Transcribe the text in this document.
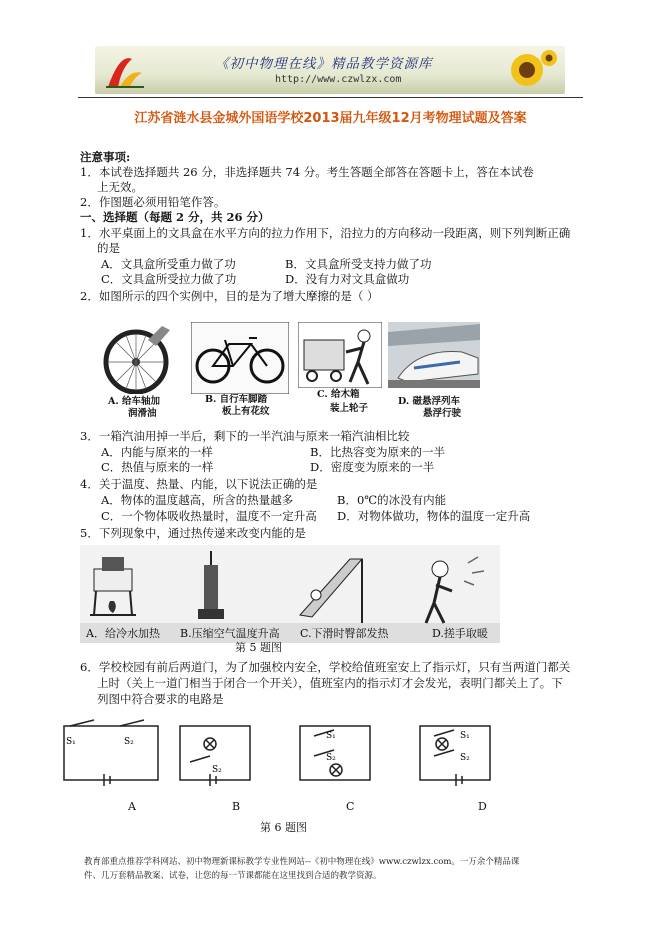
《初中物理在线》精品教学资源库
http://www.czwlzx.com
江苏省涟水县金城外国语学校2013届九年级12月考物理试题及答案
注意事项:
1．本试卷选择题共 26 分，非选择题共 74 分。考生答题全部答在答题卡上，答在本试卷
上无效。
2．作图题必须用铅笔作答。
一、选择题（每题 2 分，共 26 分）
1．水平桌面上的文具盒在水平方向的拉力作用下，沿拉力的方向移动一段距离，则下列判断正确
的是
A．文具盒所受重力做了功	B．文具盒所受支持力做了功
C．文具盒所受拉力做了功	D．没有力对文具盒做功
2．如图所示的四个实例中，目的是为了增大摩擦的是（ ）
A. 给车轴加
润滑油
B. 自行车脚踏
板上有花纹
C. 给木箱
装上轮子
D. 磁悬浮列车
悬浮行驶
3．一箱汽油用掉一半后，剩下的一半汽油与原来一箱汽油相比较
A．内能与原来的一样	B．比热容变为原来的一半
C．热值与原来的一样	D．密度变为原来的一半
4．关于温度、热量、内能，以下说法正确的是
A．物体的温度越高，所含的热量越多	B．0℃的冰没有内能
C．一个物体吸收热量时，温度不一定升高 D．对物体做功，物体的温度一定升高
5．下列现象中，通过热传递来改变内能的是
A．给冷水加热 B.压缩空气温度升高 C.下滑时臀部发热	D.搓手取暖
第 5 题图
6．学校校园有前后两道门，为了加强校内安全，学校给值班室安上了指示灯，只有当两道门都关
上时（关上一道门相当于闭合一个开关），值班室内的指示灯才会发光，表明门都关上了。下
列图中符合要求的电路是
S₁	S₂
S₂
S₁
S₂
S₁
S₂
A	B	C	D
第 6 题图
教育部重点推荐学科网站、初中物理新课标教学专业性网站--《初中物理在线》www.czwlzx.com。一万余个精品课
件、几万套精品教案、试卷，让您的每一节课都能在这里找到合适的教学资源。
